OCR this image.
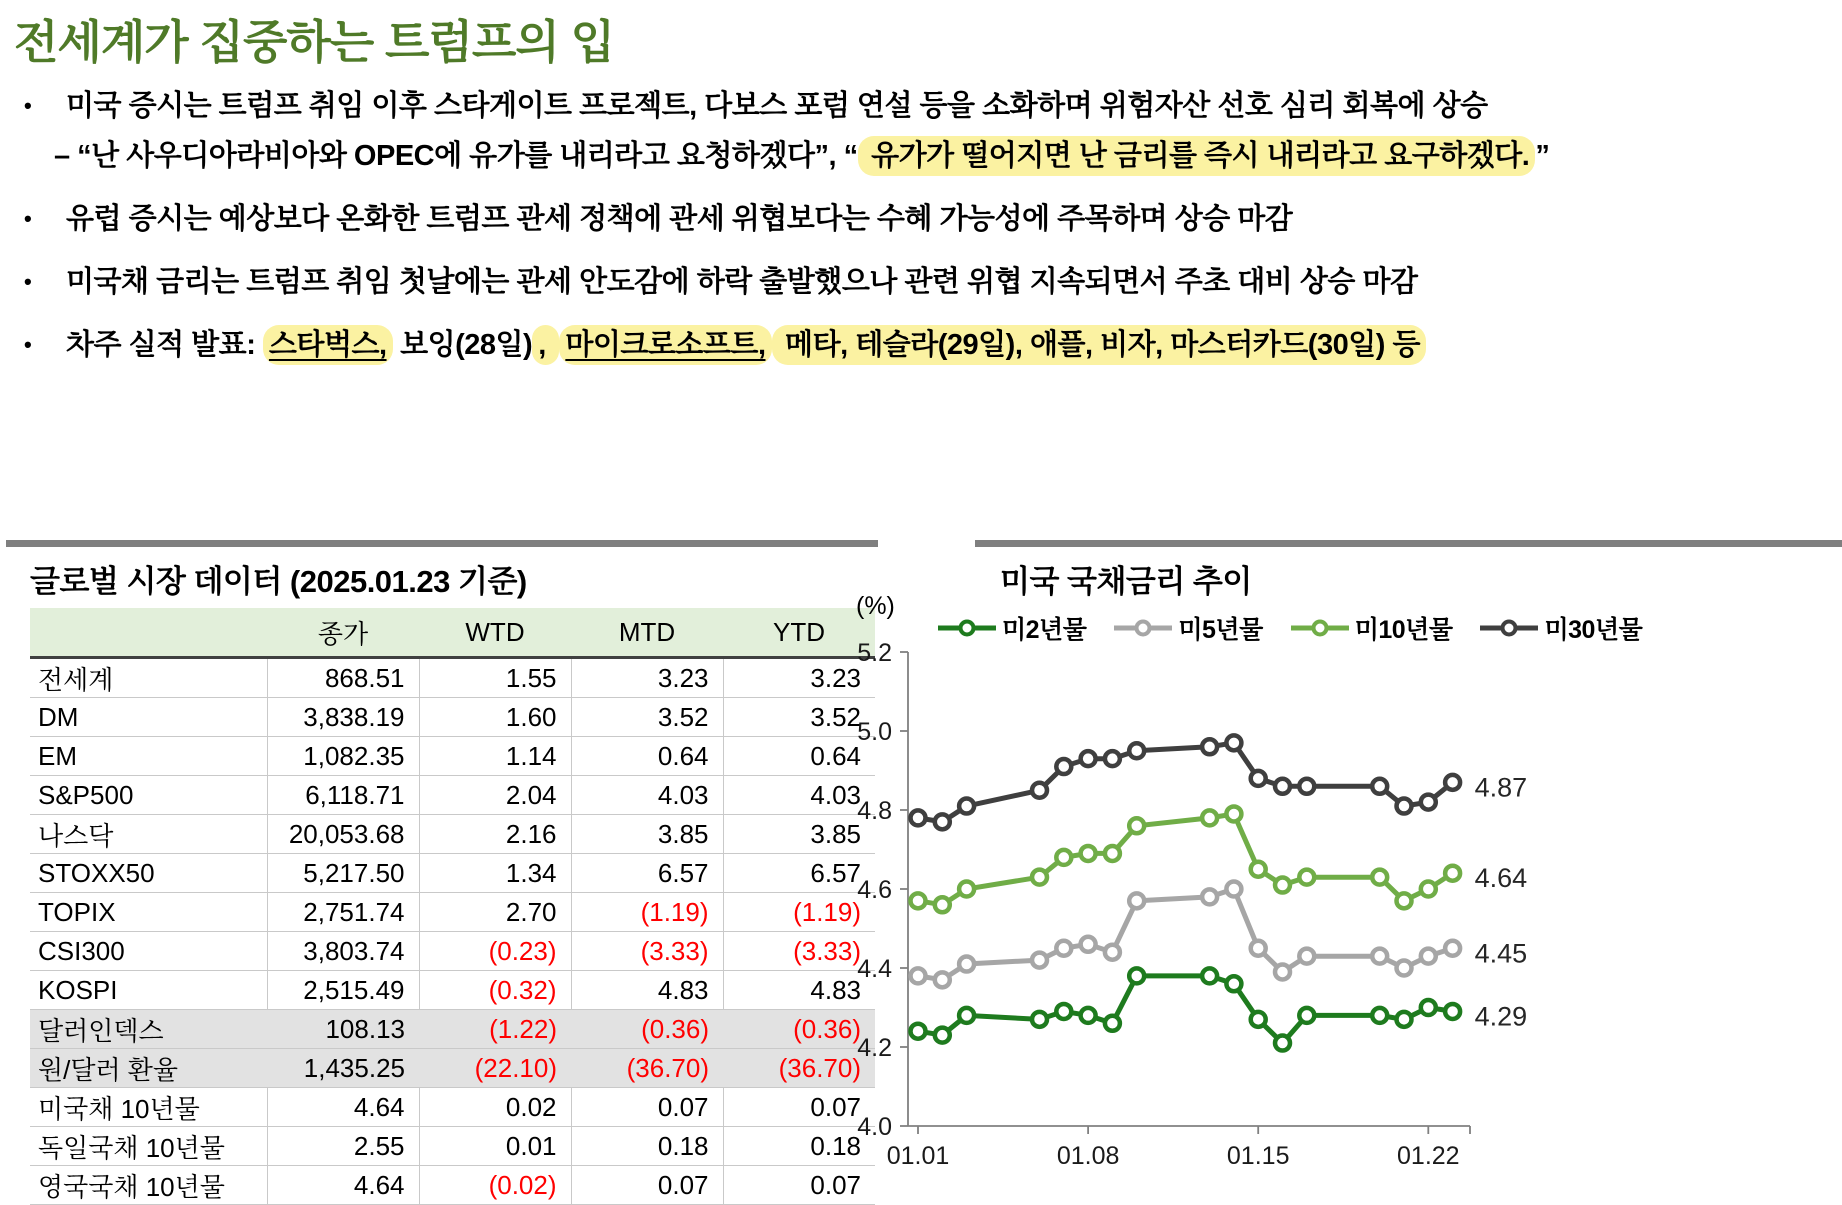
전세계가 집중하는 트럼프의 입
•	미국 증시는 트럼프 취임 이후 스타게이트 프로젝트, 다보스 포럼 연설 등을 소화하며 위험자산 선호 심리 회복에 상승
– “난 사우디아라비아와 OPEC에 유가를 내리라고 요청하겠다”, “ 유가가 떨어지면 난 금리를 즉시 내리라고 요구하겠다. ”
•	유럽 증시는 예상보다 온화한 트럼프 관세 정책에 관세 위협보다는 수혜 가능성에 주목하며 상승 마감
•	미국채 금리는 트럼프 취임 첫날에는 관세 안도감에 하락 출발했으나 관련 위협 지속되면서 주초 대비 상승 마감
•	차주 실적 발표: 스타벅스, 보잉(28일) , 마이크로소프트, 메타, 테슬라(29일), 애플, 비자, 마스터카드(30일) 등
글로벌 시장 데이터 (2025.01.23 기준)
	종가	WTD	MTD	YTD
전세계	868.51	1.55	3.23	3.23
DM	3,838.19	1.60	3.52	3.52
EM	1,082.35	1.14	0.64	0.64
S&P500	6,118.71	2.04	4.03	4.03
나스닥	20,053.68	2.16	3.85	3.85
STOXX50	5,217.50	1.34	6.57	6.57
TOPIX	2,751.74	2.70	(1.19)	(1.19)
CSI300	3,803.74	(0.23)	(3.33)	(3.33)
KOSPI	2,515.49	(0.32)	4.83	4.83
달러인덱스	108.13	(1.22)	(0.36)	(0.36)
원/달러 환율	1,435.25	(22.10)	(36.70)	(36.70)
미국채 10년물	4.64	0.02	0.07	0.07
독일국채 10년물	2.55	0.01	0.18	0.18
영국국채 10년물	4.64	(0.02)	0.07	0.07
미국 국채금리 추이
(%)
미2년물	미5년물	미10년물	미30년물
5.2
5.0
4.8
4.6
4.4
4.2
4.0
01.01	01.08	01.15	01.22
4.29
4.45
4.64
4.87
